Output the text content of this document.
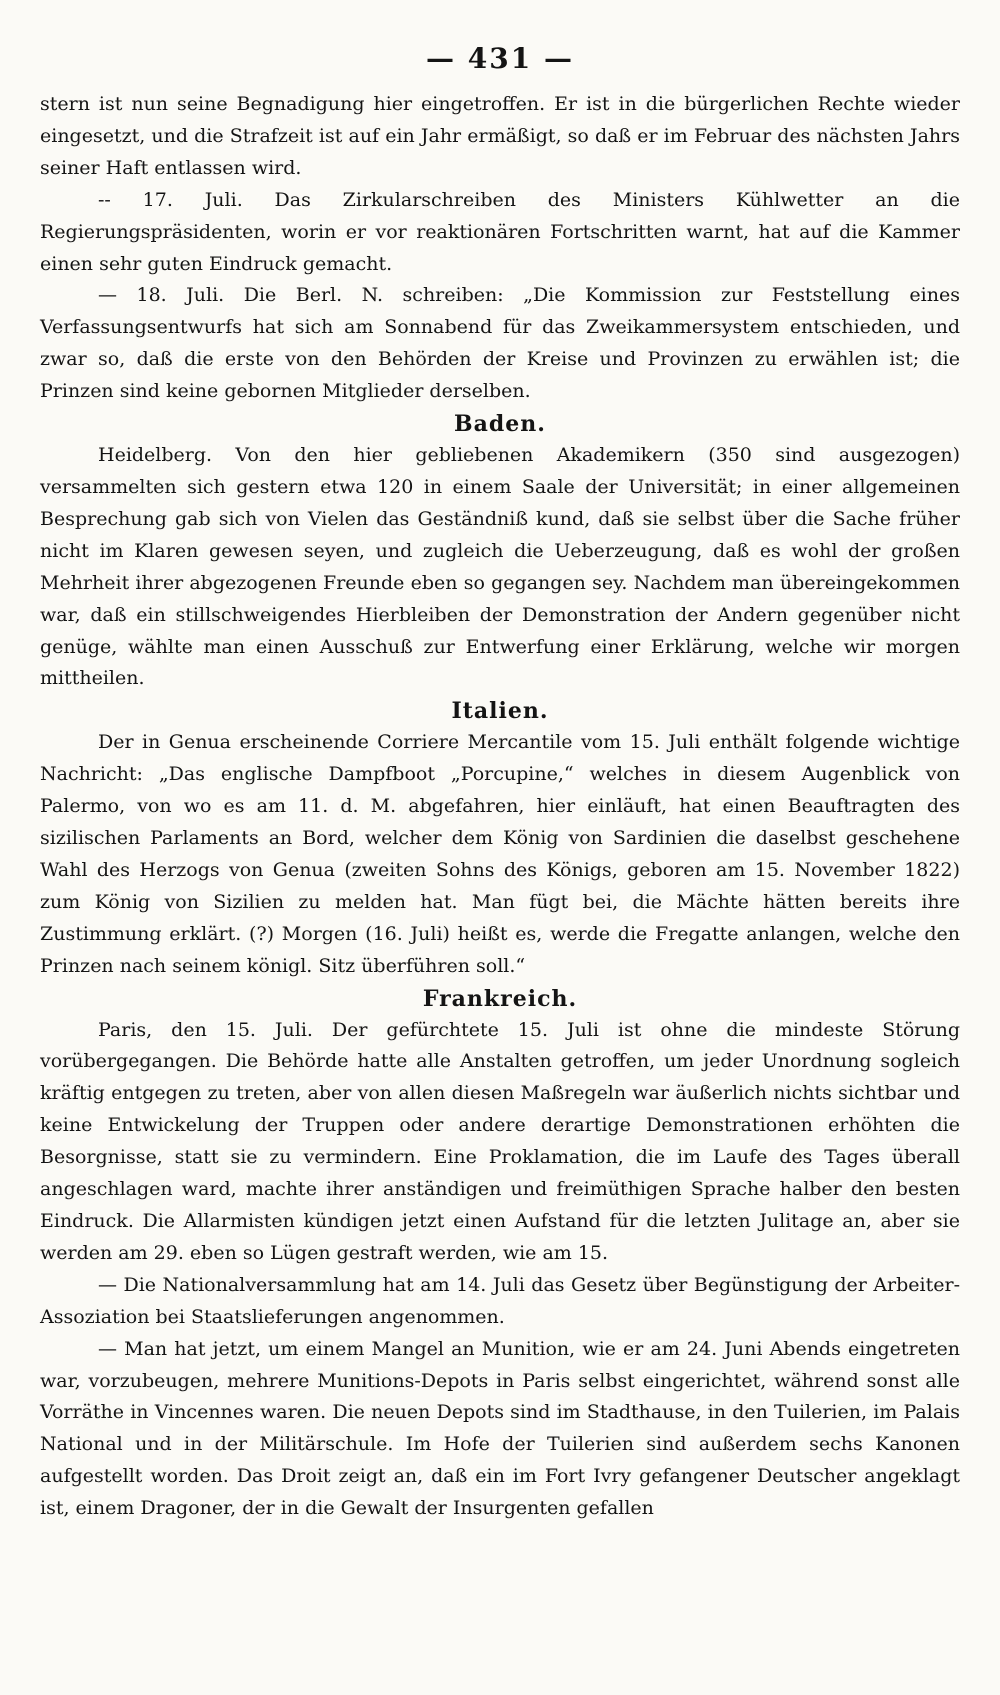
— 431 —

stern ist nun seine Begnadigung hier eingetroffen. Er ist in die bürgerlichen Rechte wieder eingesetzt, und die Strafzeit ist auf ein Jahr ermäßigt, so daß er im Februar des nächsten Jahrs seiner Haft entlassen wird.

-- 17. Juli. Das Zirkularschreiben des Ministers Kühlwetter an die Regierungspräsidenten, worin er vor reaktionären Fortschritten warnt, hat auf die Kammer einen sehr guten Eindruck gemacht.

— 18. Juli. Die Berl. N. schreiben: „Die Kommission zur Feststellung eines Verfassungsentwurfs hat sich am Sonnabend für das Zweikammersystem entschieden, und zwar so, daß die erste von den Behörden der Kreise und Provinzen zu erwählen ist; die Prinzen sind keine gebornen Mitglieder derselben.

Baden.

Heidelberg. Von den hier gebliebenen Akademikern (350 sind ausgezogen) versammelten sich gestern etwa 120 in einem Saale der Universität; in einer allgemeinen Besprechung gab sich von Vielen das Geständniß kund, daß sie selbst über die Sache früher nicht im Klaren gewesen seyen, und zugleich die Ueberzeugung, daß es wohl der großen Mehrheit ihrer abgezogenen Freunde eben so gegangen sey. Nachdem man übereingekommen war, daß ein stillschweigendes Hierbleiben der Demonstration der Andern gegenüber nicht genüge, wählte man einen Ausschuß zur Entwerfung einer Erklärung, welche wir morgen mittheilen.

Italien.

Der in Genua erscheinende Corriere Mercantile vom 15. Juli enthält folgende wichtige Nachricht: „Das englische Dampfboot „Porcupine,“ welches in diesem Augenblick von Palermo, von wo es am 11. d. M. abgefahren, hier einläuft, hat einen Beauftragten des sizilischen Parlaments an Bord, welcher dem König von Sardinien die daselbst geschehene Wahl des Herzogs von Genua (zweiten Sohns des Königs, geboren am 15. November 1822) zum König von Sizilien zu melden hat. Man fügt bei, die Mächte hätten bereits ihre Zustimmung erklärt. (?) Morgen (16. Juli) heißt es, werde die Fregatte anlangen, welche den Prinzen nach seinem königl. Sitz überführen soll.“

Frankreich.

Paris, den 15. Juli. Der gefürchtete 15. Juli ist ohne die mindeste Störung vorübergegangen. Die Behörde hatte alle Anstalten getroffen, um jeder Unordnung sogleich kräftig entgegen zu treten, aber von allen diesen Maßregeln war äußerlich nichts sichtbar und keine Entwickelung der Truppen oder andere derartige Demonstrationen erhöhten die Besorgnisse, statt sie zu vermindern. Eine Proklamation, die im Laufe des Tages überall angeschlagen ward, machte ihrer anständigen und freimüthigen Sprache halber den besten Eindruck. Die Allarmisten kündigen jetzt einen Aufstand für die letzten Julitage an, aber sie werden am 29. eben so Lügen gestraft werden, wie am 15.

— Die Nationalversammlung hat am 14. Juli das Gesetz über Begünstigung der Arbeiter-Assoziation bei Staatslieferungen angenommen.

— Man hat jetzt, um einem Mangel an Munition, wie er am 24. Juni Abends eingetreten war, vorzubeugen, mehrere Munitions-Depots in Paris selbst eingerichtet, während sonst alle Vorräthe in Vincennes waren. Die neuen Depots sind im Stadthause, in den Tuilerien, im Palais National und in der Militärschule. Im Hofe der Tuilerien sind außerdem sechs Kanonen aufgestellt worden. Das Droit zeigt an, daß ein im Fort Ivry gefangener Deutscher angeklagt ist, einem Dragoner, der in die Gewalt der Insurgenten gefallen
